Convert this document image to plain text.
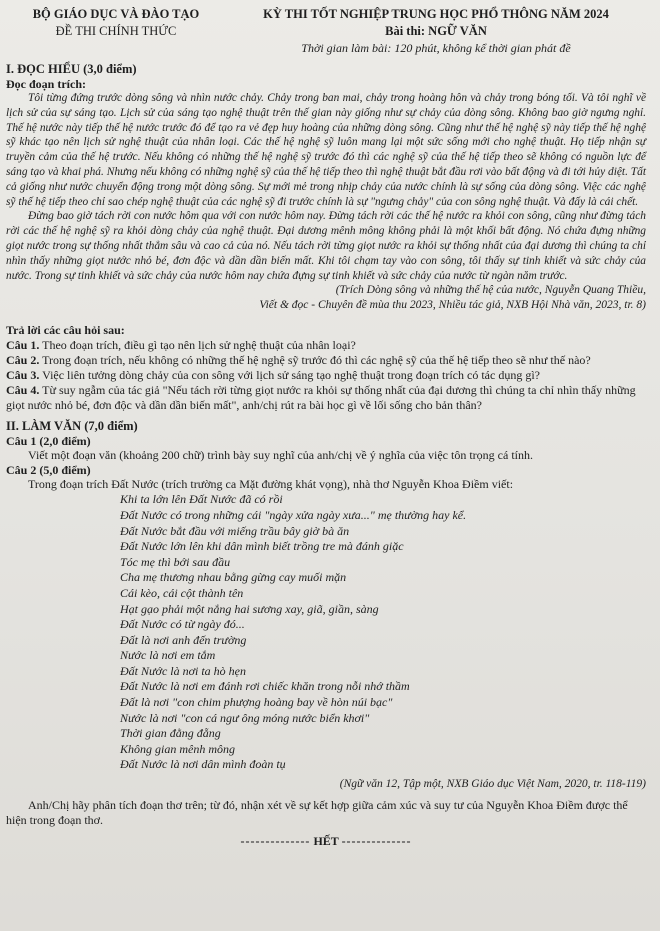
BỘ GIÁO DỤC VÀ ĐÀO TẠO
ĐỀ THI CHÍNH THỨC
KỲ THI TỐT NGHIỆP TRUNG HỌC PHỔ THÔNG NĂM 2024
Bài thi: NGỮ VĂN
Thời gian làm bài: 120 phút, không kể thời gian phát đề
I. ĐỌC HIỂU (3,0 điểm)
Đọc đoạn trích:

Tôi từng đứng trước dòng sông và nhìn nước chảy. Chảy trong ban mai, chảy trong hoàng hôn và chảy trong bóng tối. Và tôi nghĩ về lịch sử của sự sáng tạo. Lịch sử của sáng tạo nghệ thuật trên thế gian này giống như sự chảy của dòng sông. Không bao giờ ngưng nghỉ. Thế hệ nước này tiếp thế hệ nước trước đó để tạo ra vẻ đẹp huy hoàng của những dòng sông. Cũng như thế hệ nghệ sỹ này tiếp thế hệ nghệ sỹ khác tạo nên lịch sử nghệ thuật của nhân loại. Các thế hệ nghệ sỹ luôn mang lại một sức sống mới cho nghệ thuật. Họ tiếp nhận sự truyền cảm của thế hệ trước. Nếu không có những thế hệ nghệ sỹ trước đó thì các nghệ sỹ của thế hệ tiếp theo sẽ không có nguồn lực để sáng tạo và khai phá. Nhưng nếu không có những nghệ sỹ của thế hệ tiếp theo thì nghệ thuật bắt đầu rơi vào bất động và đi tới hủy diệt. Tất cả giống như nước chuyển động trong một dòng sông. Sự mới mẻ trong nhịp chảy của nước chính là sự sống của dòng sông. Việc các nghệ sỹ thế hệ tiếp theo chỉ sao chép nghệ thuật của các nghệ sỹ đi trước chính là sự "ngưng chảy" của con sông nghệ thuật. Và đấy là cái chết.

Đừng bao giờ tách rời con nước hôm qua với con nước hôm nay. Đừng tách rời các thế hệ nước ra khỏi con sông, cũng như đừng tách rời các thế hệ nghệ sỹ ra khỏi dòng chảy của nghệ thuật. Đại dương mênh mông không phải là một khối bất động. Nó chứa đựng những giọt nước trong sự thống nhất thẳm sâu và cao cả của nó. Nếu tách rời từng giọt nước ra khỏi sự thống nhất của đại dương thì chúng ta chỉ nhìn thấy những giọt nước nhỏ bé, đơn độc và dần dần biến mất. Khi tôi chạm tay vào con sông, tôi thấy sự tinh khiết và sức chảy của nước. Trong sự tinh khiết và sức chảy của nước hôm nay chứa đựng sự tinh khiết và sức chảy của nước từ ngàn năm trước.

(Trích Dòng sông và những thế hệ của nước, Nguyễn Quang Thiều,
Viết & đọc - Chuyên đề mùa thu 2023, Nhiều tác giả, NXB Hội Nhà văn, 2023, tr. 8)
Trả lời các câu hỏi sau:

Câu 1. Theo đoạn trích, điều gì tạo nên lịch sử nghệ thuật của nhân loại?

Câu 2. Trong đoạn trích, nếu không có những thế hệ nghệ sỹ trước đó thì các nghệ sỹ của thế hệ tiếp theo sẽ như thế nào?

Câu 3. Việc liên tưởng dòng chảy của con sông với lịch sử sáng tạo nghệ thuật trong đoạn trích có tác dụng gì?

Câu 4. Từ suy ngẫm của tác giả "Nếu tách rời từng giọt nước ra khỏi sự thống nhất của đại dương thì chúng ta chỉ nhìn thấy những giọt nước nhỏ bé, đơn độc và dần dần biến mất", anh/chị rút ra bài học gì về lối sống cho bản thân?

II. LÀM VĂN (7,0 điểm)
Câu 1 (2,0 điểm)

Viết một đoạn văn (khoảng 200 chữ) trình bày suy nghĩ của anh/chị về ý nghĩa của việc tôn trọng cá tính.

Câu 2 (5,0 điểm)

Trong đoạn trích Đất Nước (trích trường ca Mặt đường khát vọng), nhà thơ Nguyễn Khoa Điềm viết:

Khi ta lớn lên Đất Nước đã có rồi
Đất Nước có trong những cái "ngày xửa ngày xưa..." mẹ thường hay kể.
Đất Nước bắt đầu với miếng trầu bây giờ bà ăn
Đất Nước lớn lên khi dân mình biết trồng tre mà đánh giặc
Tóc mẹ thì bới sau đầu
Cha mẹ thương nhau bằng gừng cay muối mặn
Cái kèo, cái cột thành tên
Hạt gạo phải một nắng hai sương xay, giã, giần, sàng
Đất Nước có từ ngày đó...
Đất là nơi anh đến trường
Nước là nơi em tắm
Đất Nước là nơi ta hò hẹn
Đất Nước là nơi em đánh rơi chiếc khăn trong nỗi nhớ thầm
Đất là nơi "con chim phượng hoàng bay về hòn núi bạc"
Nước là nơi "con cá ngư ông móng nước biển khơi"
Thời gian đằng đẵng
Không gian mênh mông
Đất Nước là nơi dân mình đoàn tụ
(Ngữ văn 12, Tập một, NXB Giáo dục Việt Nam, 2020, tr. 118-119)

Anh/Chị hãy phân tích đoạn thơ trên; từ đó, nhận xét về sự kết hợp giữa cảm xúc và suy tư của Nguyễn Khoa Điềm được thể hiện trong đoạn thơ.

-------------- HẾT --------------
